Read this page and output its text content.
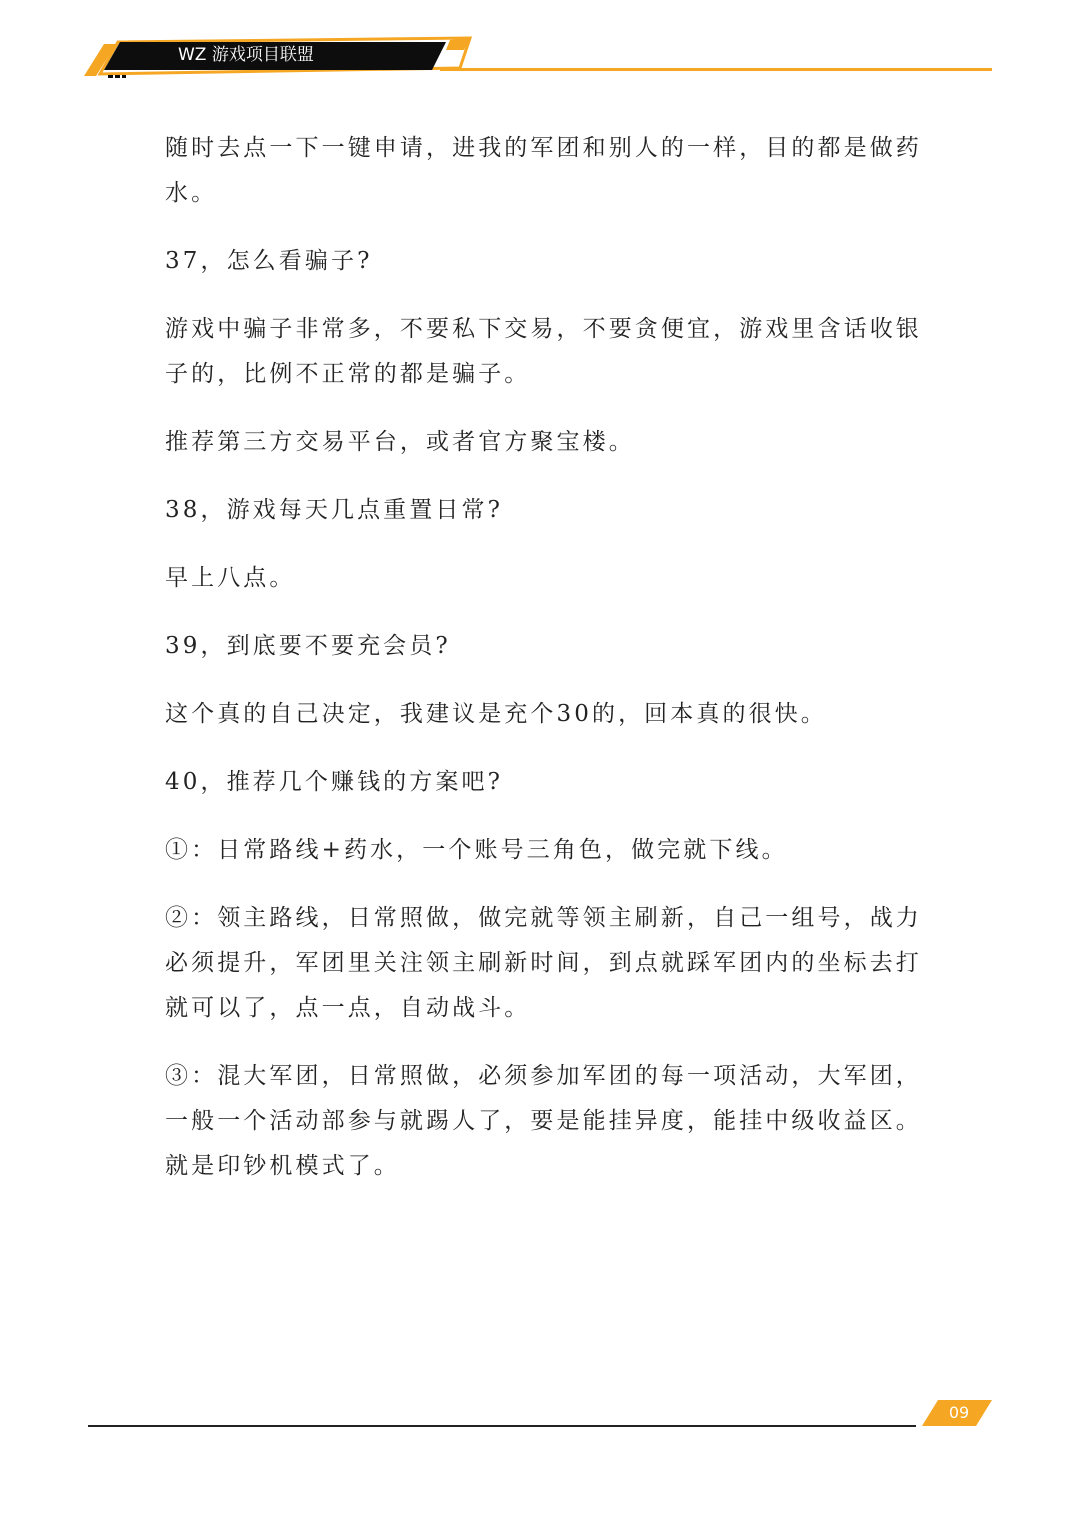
WZ 游戏项目联盟

随时去点一下一键申请，进我的军团和别人的一样，目的都是做药水。

37，怎么看骗子?

游戏中骗子非常多，不要私下交易，不要贪便宜，游戏里含话收银子的，比例不正常的都是骗子。

推荐第三方交易平台，或者官方聚宝楼。

38，游戏每天几点重置日常?

早上八点。

39，到底要不要充会员?

这个真的自己决定，我建议是充个30的，回本真的很快。

40，推荐几个赚钱的方案吧?

①：日常路线+药水，一个账号三角色，做完就下线。

②：领主路线，日常照做，做完就等领主刷新，自己一组号，战力必须提升，军团里关注领主刷新时间，到点就踩军团内的坐标去打就可以了，点一点，自动战斗。

③：混大军团，日常照做，必须参加军团的每一项活动，大军团，一般一个活动部参与就踢人了，要是能挂异度，能挂中级收益区。就是印钞机模式了。

09
